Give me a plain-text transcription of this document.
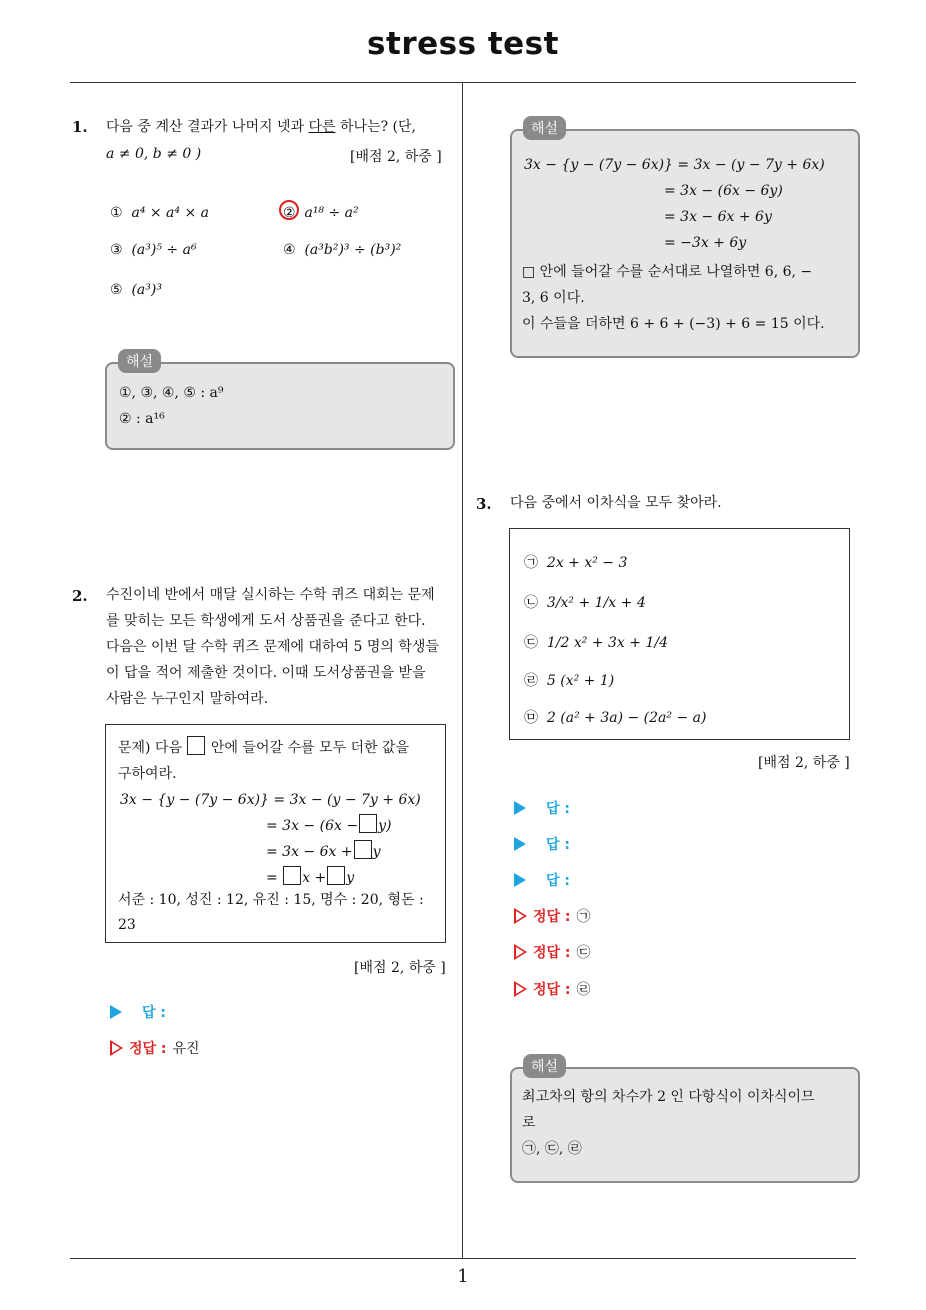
stress test
1
1. 다음 중 계산 결과가 나머지 넷과 다른 하나는? (단,
a ≠ 0, b ≠ 0 )	[배점 2, 하중 ]
① a⁴ × a⁴ × a	② a¹⁸ ÷ a²
③ (a³)⁵ ÷ a⁶	④ (a³b²)³ ÷ (b³)²
⑤ (a³)³
해설
①, ③, ④, ⑤ : a⁹
② : a¹⁶
2. 수진이네 반에서 매달 실시하는 수학 퀴즈 대회는 문제
를 맞히는 모든 학생에게 도서 상품권을 준다고 한다.
다음은 이번 달 수학 퀴즈 문제에 대하여 5 명의 학생들
이 답을 적어 제출한 것이다. 이때 도서상품권을 받을
사람은 누구인지 말하여라.
문제) 다음 안에 들어갈 수를 모두 더한 값을
구하여라.
3x − {y − (7y − 6x)} = 3x − (y − 7y + 6x)
= 3x − (6x − y)
= 3x − 6x + y
= x + y
서준 : 10, 성진 : 12, 유진 : 15, 명수 : 20, 형돈 :
23
[배점 2, 하중 ]
답 :
정답 : 유진
해설
3x − {y − (7y − 6x)} = 3x − (y − 7y + 6x)
= 3x − (6x − 6y)
= 3x − 6x + 6y
= −3x + 6y
□ 안에 들어갈 수를 순서대로 나열하면 6, 6, −
3, 6 이다.
이 수들을 더하면 6 + 6 + (−3) + 6 = 15 이다.
3. 다음 중에서 이차식을 모두 찾아라.
㉠ 2x + x² − 3
㉡ 3/x² + 1/x + 4
㉢ 1/2 x² + 3x + 1/4
㉣ 5 (x² + 1)
㉤ 2 (a² + 3a) − (2a² − a)
[배점 2, 하중 ]
답 :
답 :
답 :
정답 : ㉠
정답 : ㉢
정답 : ㉣
해설
최고차의 항의 차수가 2 인 다항식이 이차식이므
로
㉠, ㉢, ㉣
